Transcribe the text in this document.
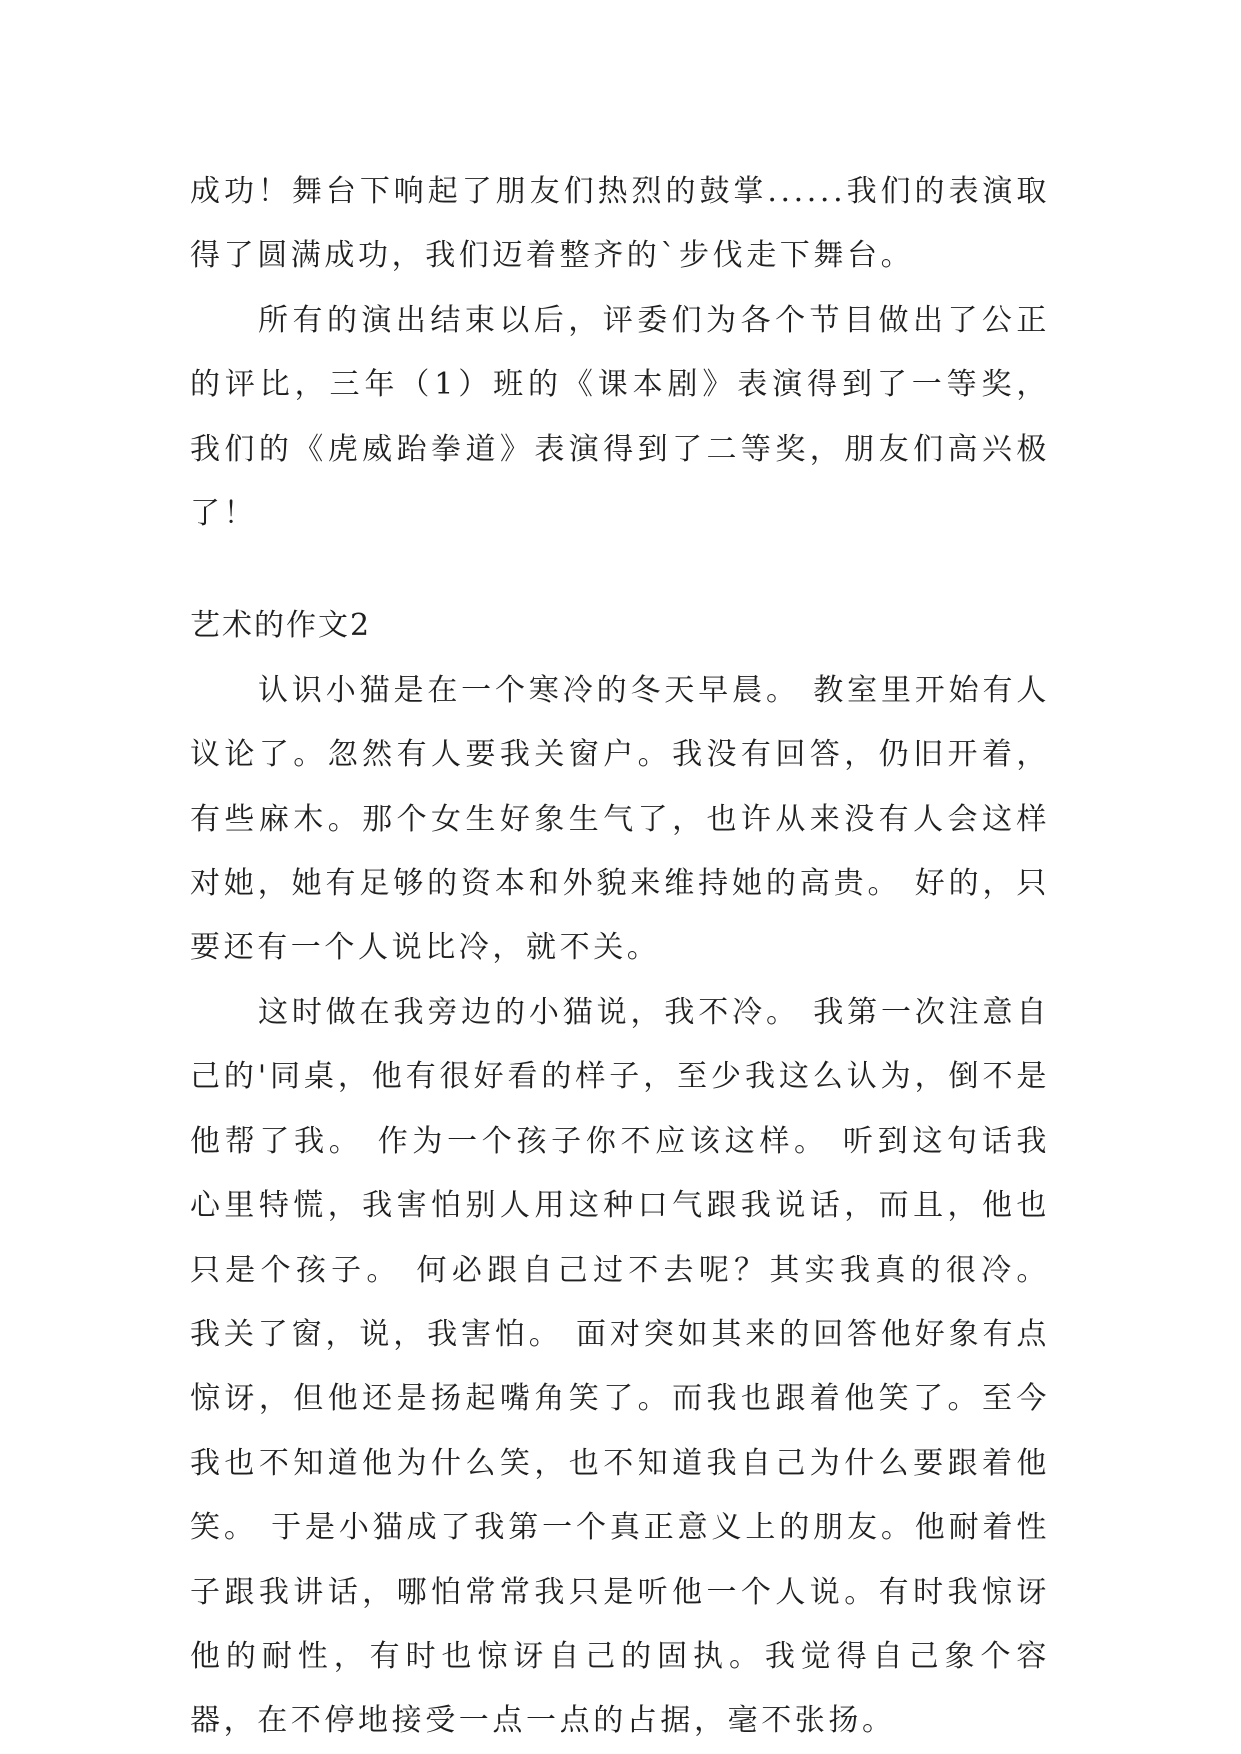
成功！舞台下响起了朋友们热烈的鼓掌......我们的表演取得了圆满成功，我们迈着整齐的`步伐走下舞台。

所有的演出结束以后，评委们为各个节目做出了公正的评比，三年（1）班的《课本剧》表演得到了一等奖，我们的《虎威跆拳道》表演得到了二等奖，朋友们高兴极了！

艺术的作文2

认识小猫是在一个寒冷的冬天早晨。 教室里开始有人议论了。忽然有人要我关窗户。我没有回答，仍旧开着，有些麻木。那个女生好象生气了，也许从来没有人会这样对她，她有足够的资本和外貌来维持她的高贵。 好的，只要还有一个人说比冷，就不关。

这时做在我旁边的小猫说，我不冷。 我第一次注意自己的'同桌，他有很好看的样子，至少我这么认为，倒不是他帮了我。 作为一个孩子你不应该这样。 听到这句话我心里特慌，我害怕别人用这种口气跟我说话，而且，他也只是个孩子。 何必跟自己过不去呢？其实我真的很冷。 我关了窗，说，我害怕。 面对突如其来的回答他好象有点惊讶，但他还是扬起嘴角笑了。而我也跟着他笑了。至今我也不知道他为什么笑，也不知道我自己为什么要跟着他笑。 于是小猫成了我第一个真正意义上的朋友。他耐着性子跟我讲话，哪怕常常我只是听他一个人说。有时我惊讶他的耐性，有时也惊讶自己的固执。我觉得自己象个容器，在不停地接受一点一点的占据，毫不张扬。
